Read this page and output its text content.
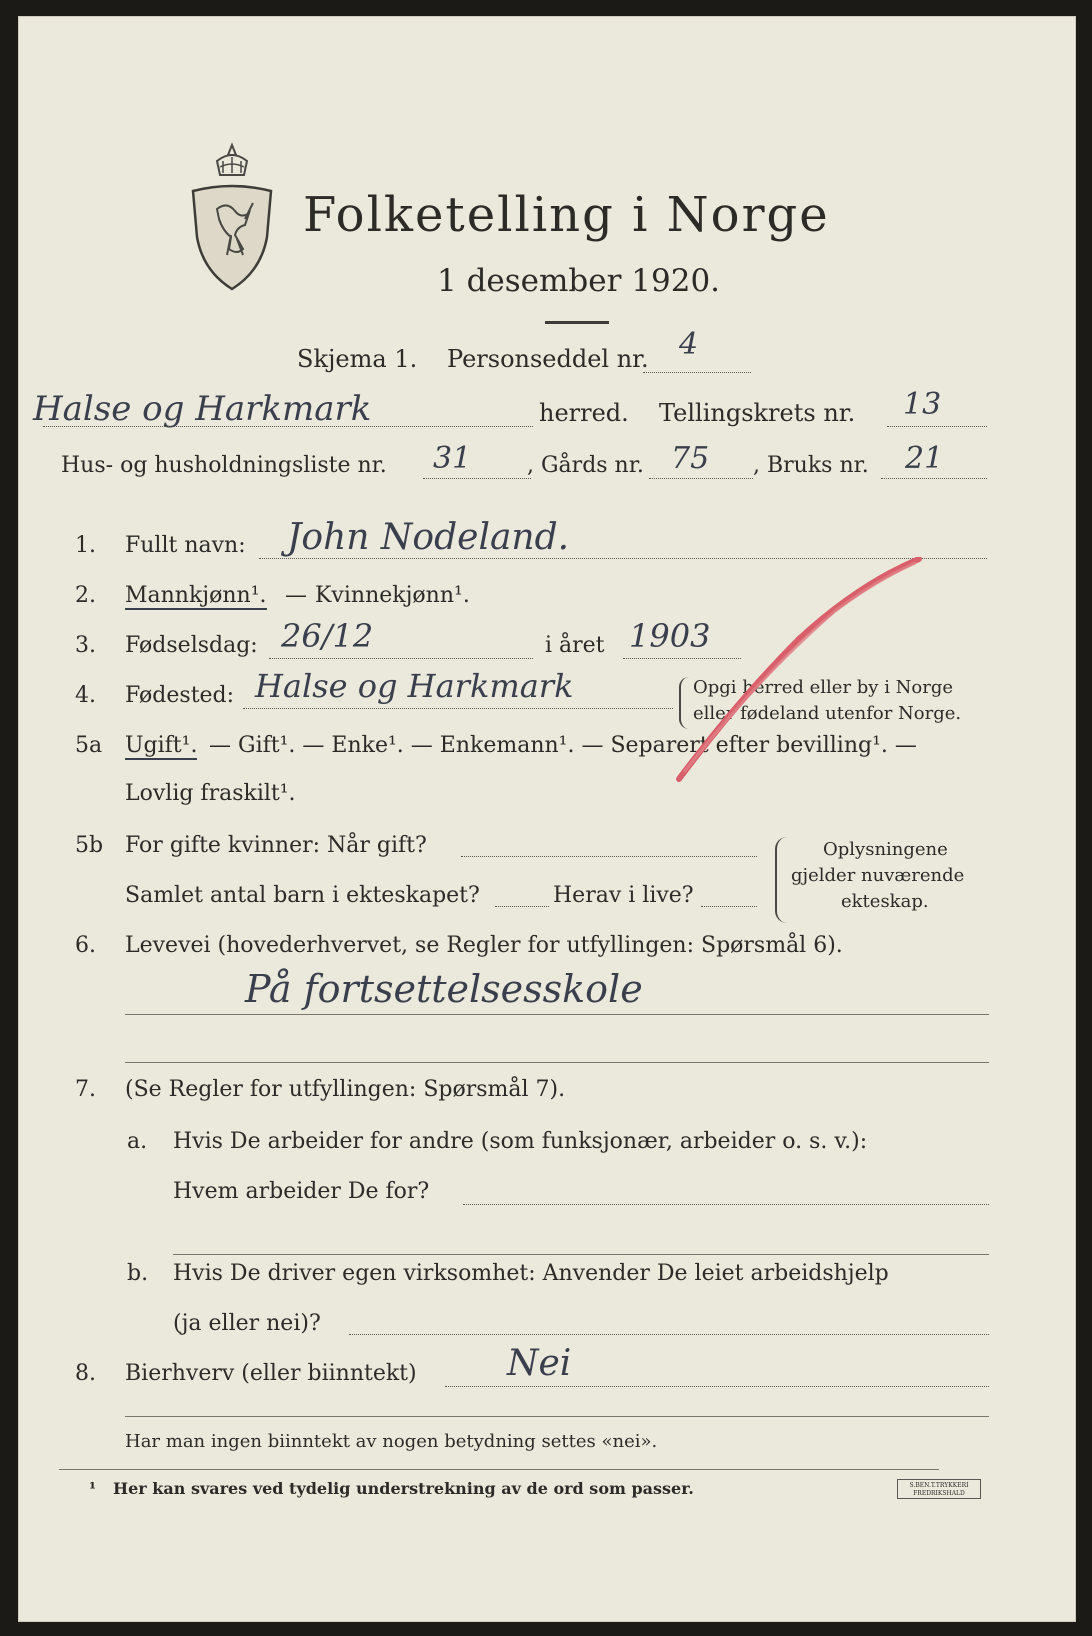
Folketelling i Norge
1 desember 1920.
Skjema 1. Personseddel nr. 4
Halse og Harkmark	herred. Tellingskrets nr. 13
Hus- og husholdningsliste nr. 31	, Gårds nr. 75 , Bruks nr. 21
1. Fullt navn: John Nodeland.
2. Mannkjønn¹. — Kvinnekjønn¹.
3. Fødselsdag: 26/12	i året 1903
4. Fødested: Halse og Harkmark	Opgi herred eller by i Norge
eller fødeland utenfor Norge.
5a Ugift¹. — Gift¹. — Enke¹. — Enkemann¹. — Separert efter bevilling¹. —
Lovlig fraskilt¹.
5b For gifte kvinner: Når gift?
Samlet antal barn i ekteskapet?	Herav i live?
Oplysningene
gjelder nuværende
ekteskap.
6. Levevei (hovederhvervet, se Regler for utfyllingen: Spørsmål 6).
På fortsettelsesskole
7. (Se Regler for utfyllingen: Spørsmål 7).
a. Hvis De arbeider for andre (som funksjonær, arbeider o. s. v.):
Hvem arbeider De for?
b. Hvis De driver egen virksomhet: Anvender De leiet arbeidshjelp
(ja eller nei)?
8. Bierhverv (eller biinntekt)	Nei
Har man ingen biinntekt av nogen betydning settes «nei».
¹ Her kan svares ved tydelig understrekning av de ord som passer.	S.BEN.T.TRYKKERI FREDRIKSHALD
